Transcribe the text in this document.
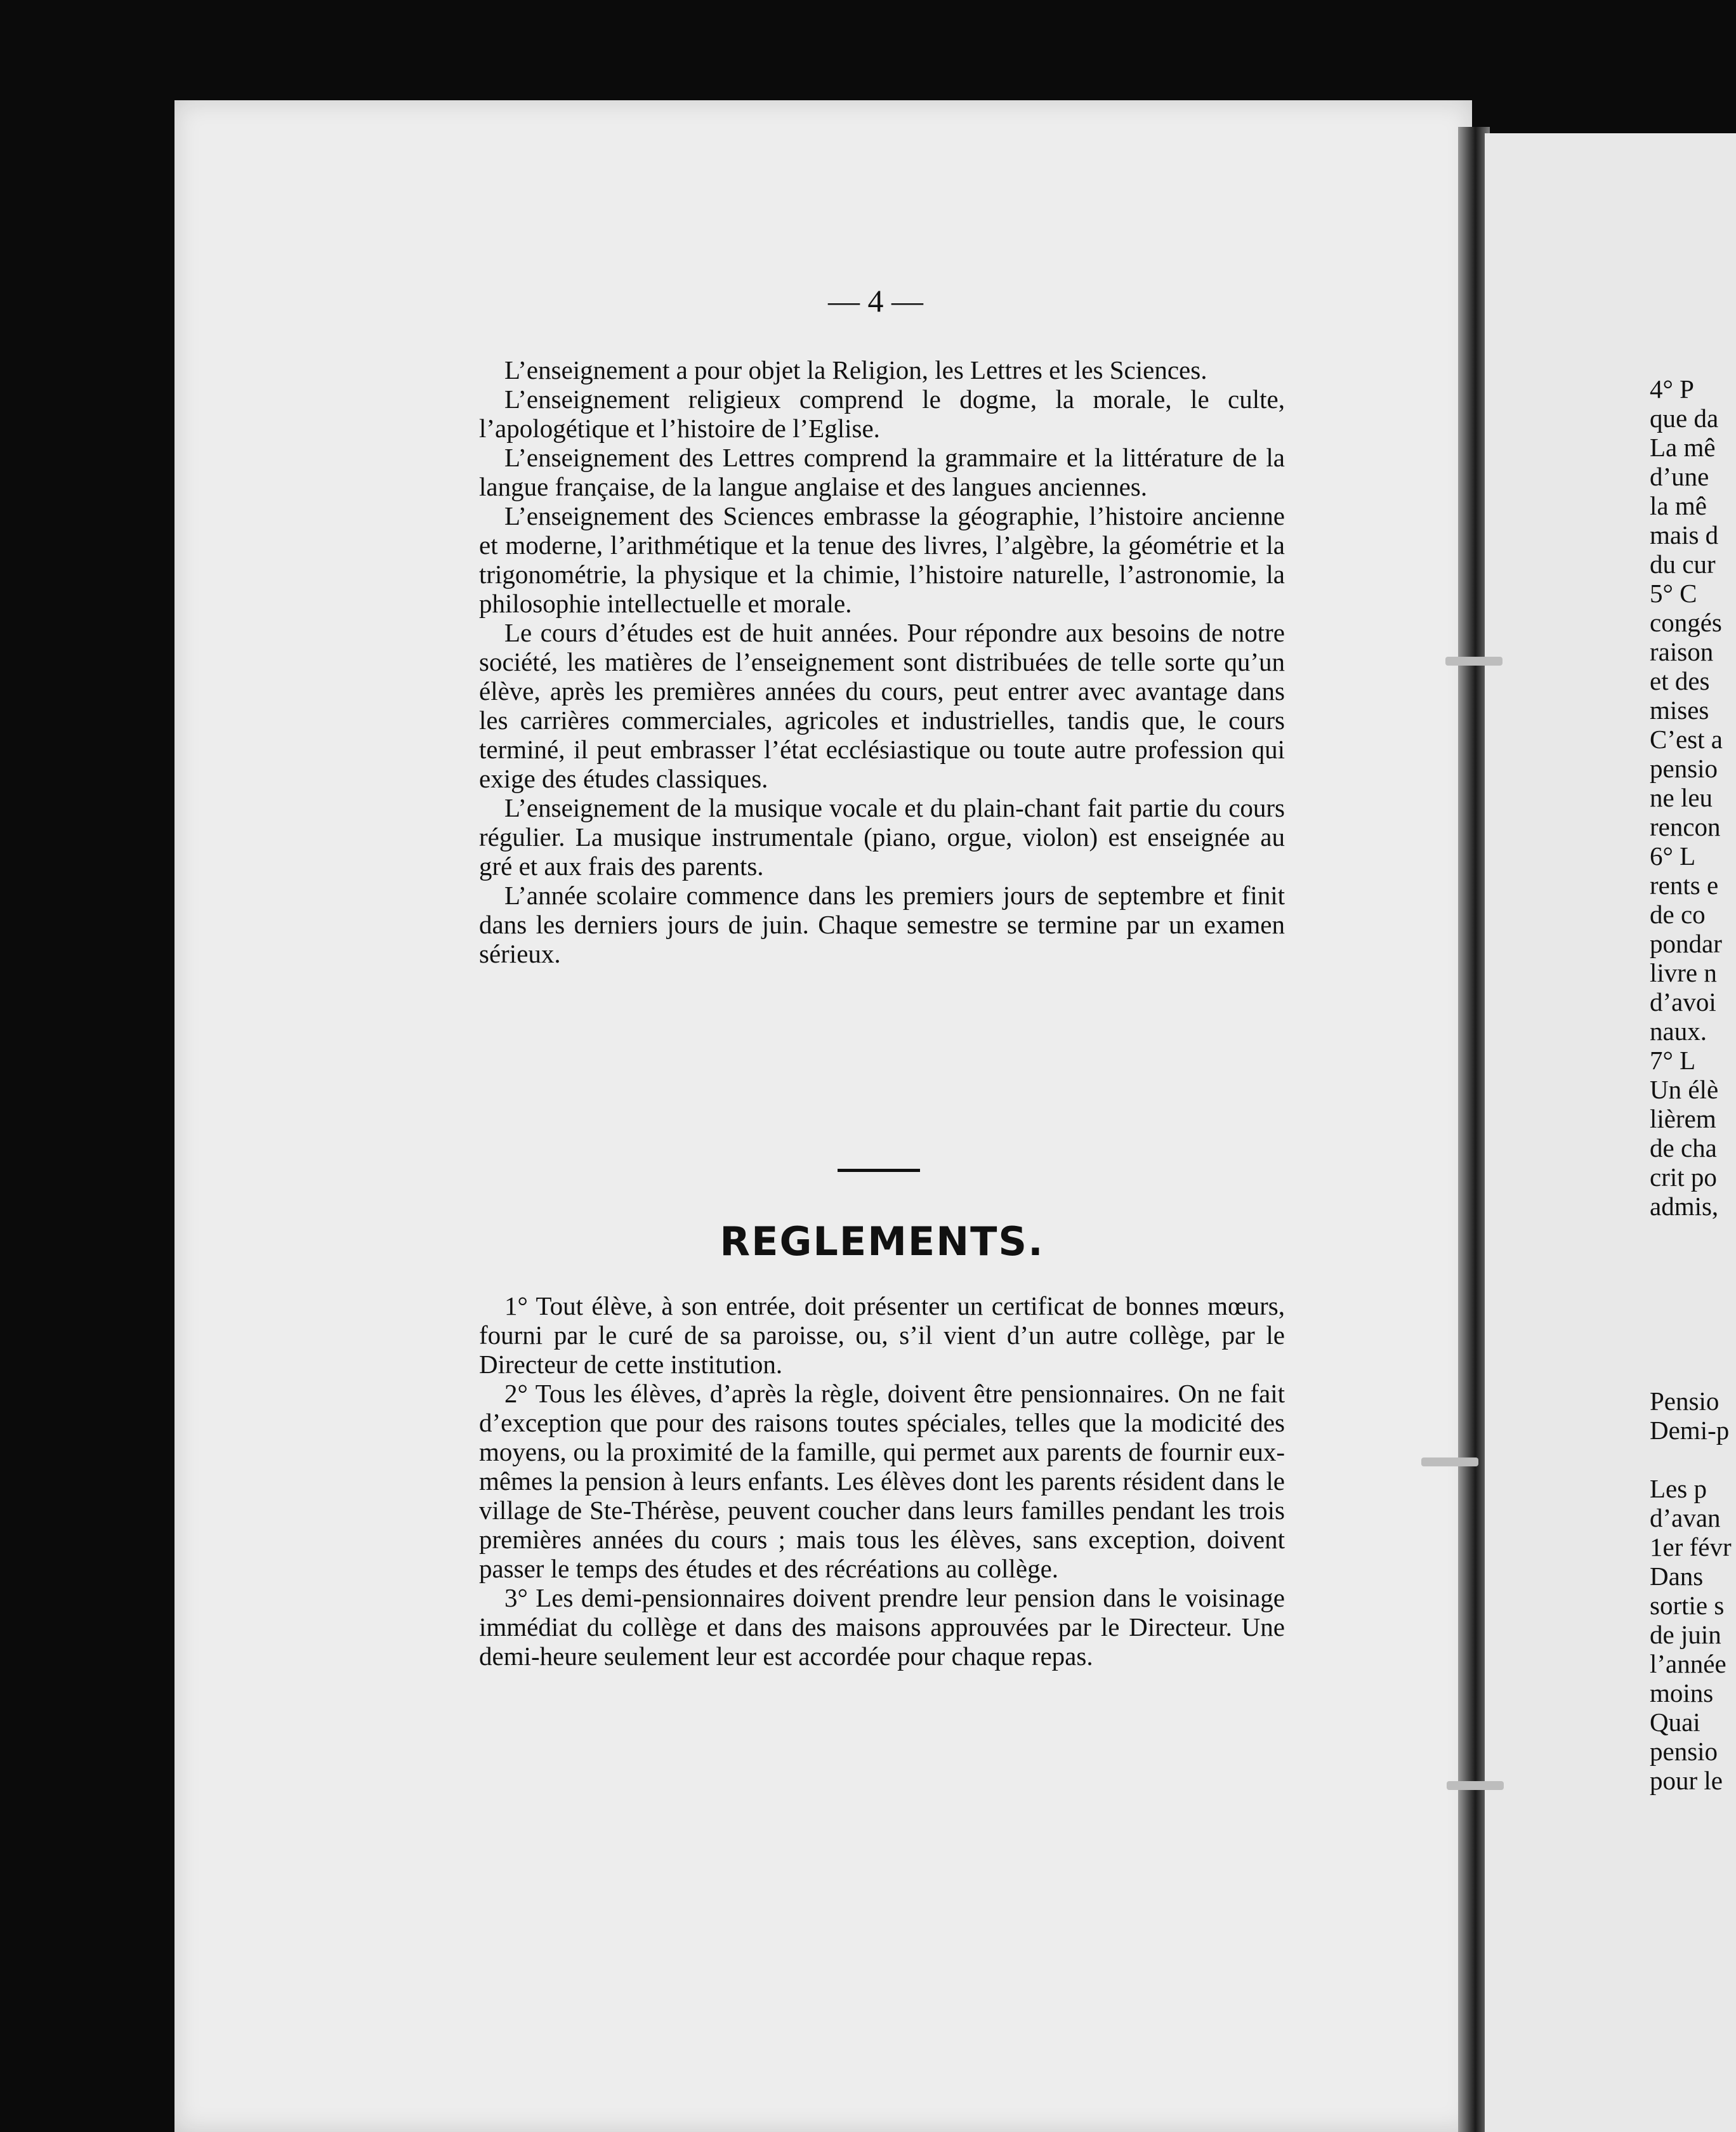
— 4 —

L’enseignement a pour objet la Religion, les Lettres et les Sciences.

L’enseignement religieux comprend le dogme, la morale, le culte, l’apologétique et l’histoire de l’Eglise.

L’enseignement des Lettres comprend la grammaire et la littérature de la langue française, de la langue anglaise et des langues anciennes.

L’enseignement des Sciences embrasse la géographie, l’histoire ancienne et moderne, l’arithmétique et la tenue des livres, l’algèbre, la géométrie et la trigonométrie, la physique et la chimie, l’histoire naturelle, l’astronomie, la philosophie intellectuelle et morale.

Le cours d’études est de huit années. Pour répondre aux besoins de notre société, les matières de l’enseignement sont distribuées de telle sorte qu’un élève, après les premières années du cours, peut entrer avec avantage dans les carrières commerciales, agricoles et industrielles, tandis que, le cours terminé, il peut embrasser l’état ecclésiastique ou toute autre profession qui exige des études classiques.

L’enseignement de la musique vocale et du plain-chant fait partie du cours régulier. La musique instrumentale (piano, orgue, violon) est enseignée au gré et aux frais des parents.

L’année scolaire commence dans les premiers jours de septembre et finit dans les derniers jours de juin. Chaque semestre se termine par un examen sérieux.

REGLEMENTS.

1° Tout élève, à son entrée, doit présenter un certificat de bonnes mœurs, fourni par le curé de sa paroisse, ou, s’il vient d’un autre collège, par le Directeur de cette institution.

2° Tous les élèves, d’après la règle, doivent être pensionnaires. On ne fait d’exception que pour des raisons toutes spéciales, telles que la modicité des moyens, ou la proximité de la famille, qui permet aux parents de fournir eux-mêmes la pension à leurs enfants. Les élèves dont les parents résident dans le village de Ste-Thérèse, peuvent coucher dans leurs familles pendant les trois premières années du cours ; mais tous les élèves, sans exception, doivent passer le temps des études et des récréations au collège.

3° Les demi-pensionnaires doivent prendre leur pension dans le voisinage immédiat du collège et dans des maisons approuvées par le Directeur. Une demi-heure seulement leur est accordée pour chaque repas.

4° P
que da
La mê
d’une
la mê
mais d
du cur
5° C
congés
raison
et des
mises
C’est a
pensio
ne leu
rencon
6° L
rents e
de co
pondar
livre n
d’avoi
naux.
7° L
Un élè
lièrem
de cha
crit po
admis,
Pensio
Demi-p
Les p
d’avan
1er févr
Dans
sortie s
de juin
l’année
moins
Quai
pensio
pour le
